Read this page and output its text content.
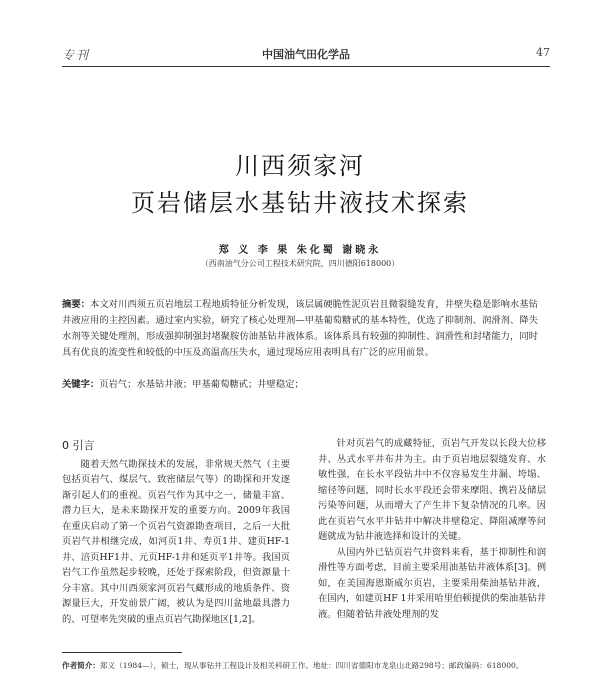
专刊	中国油气田化学品	47
川西须家河
页岩储层水基钻井液技术探索
郑 义 李 果 朱化蜀 谢晓永
（西南油气分公司工程技术研究院，四川德阳618000）
摘要：本文对川西须五页岩地层工程地质特征分析发现，该层属硬脆性泥页岩且微裂缝发育，井壁失稳是影响水基钻井液应用的主控因素。通过室内实验，研究了核心处理剂—甲基葡萄糖甙的基本特性，优选了抑制剂、润滑剂、降失水剂等关键处理剂，形成强抑制强封堵聚胺仿油基钻井液体系。该体系具有较强的抑制性、润滑性和封堵能力，同时具有优良的流变性和较低的中压及高温高压失水，通过现场应用表明具有广泛的应用前景。
关键字：页岩气；水基钻井液；甲基葡萄糖甙；井壁稳定；
0 引言

随着天然气勘探技术的发展，非常规天然气（主要包括页岩气、煤层气、致密储层气等）的勘探和开发逐渐引起人们的重视。页岩气作为其中之一，储量丰富、潜力巨大，是未来勘探开发的重要方向。2009年我国在重庆启动了第一个页岩气资源勘查项目，之后一大批页岩气井相继完成，如河页1井、寿页1井、建页HF-1井、涪页HF1井、元页HF-1井和延页平1井等。我国页岩气工作虽然起步较晚，还处于探索阶段，但资源量十分丰富。其中川西须家河页岩气藏形成的地质条件、资源量巨大，开发前景广阔，被认为是四川盆地最具潜力的、可望率先突破的重点页岩气勘探地区[1,2]。

针对页岩气的成藏特征，页岩气开发以长段大位移井、丛式水平井布井为主。由于页岩地层裂缝发育、水敏性强，在长水平段钻井中不仅容易发生井漏、垮塌、缩径等问题，同时长水平段还会带来摩阻、携岩及储层污染等问题，从而增大了产生井下复杂情况的几率。因此在页岩气水平井钻井中解决井壁稳定、降阻减摩等问题就成为钻井液选择和设计的关键。

从国内外已钻页岩气井资料来看，基于抑制性和润滑性等方面考虑，目前主要采用油基钻井液体系[3]。例如，在美国海恩斯威尔页岩，主要采用柴油基钻井液，在国内，如建页HF 1井采用哈里伯顿提供的柴油基钻井液。但随着钻井液处理剂的发

作者简介：郑义（1984—），硕士，现从事钻井工程设计及相关科研工作。地址：四川省德阳市龙泉山北路298号；邮政编码：618000。
